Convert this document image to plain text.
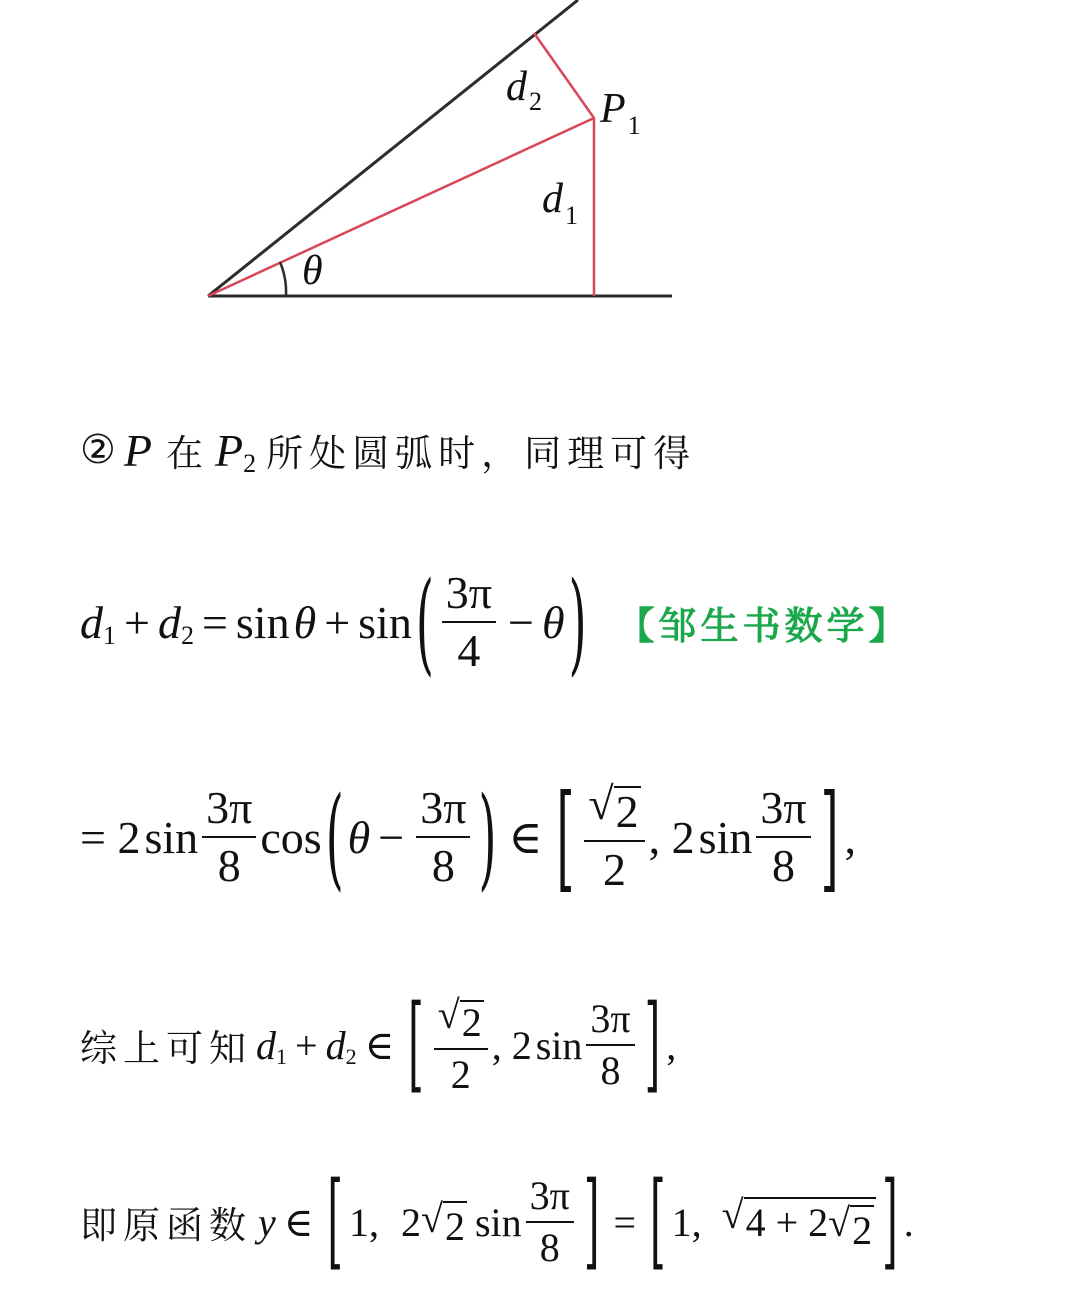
$d_2$ $P_1$
$d_1$
θ
② P 在 P 2 所处圆弧时，同理可得
d 1 + d 2 = sin θ + sin ( $\frac{3\pi}{4} - \theta$ ) 【邹生书数学】
= 2 $\sin \frac{3\pi}{8}$ cos ( $\theta - \frac{3\pi}{8}$ ) ∈ [ $\frac{√ 2}{2}$ , 2 $\sin \frac{3\pi}{8}$ ] ,
综上可知 d 1 + d 2 ∈ [ $\frac{√ 2}{2}$ , 2 $\sin \frac{3\pi}{8}$ ] ,
即原函数 y ∈ [ 1, 2 √ 2 $\sin \frac{3\pi}{8}$ ] = [ 1, √ 4 + 2 √ 2 ] .
